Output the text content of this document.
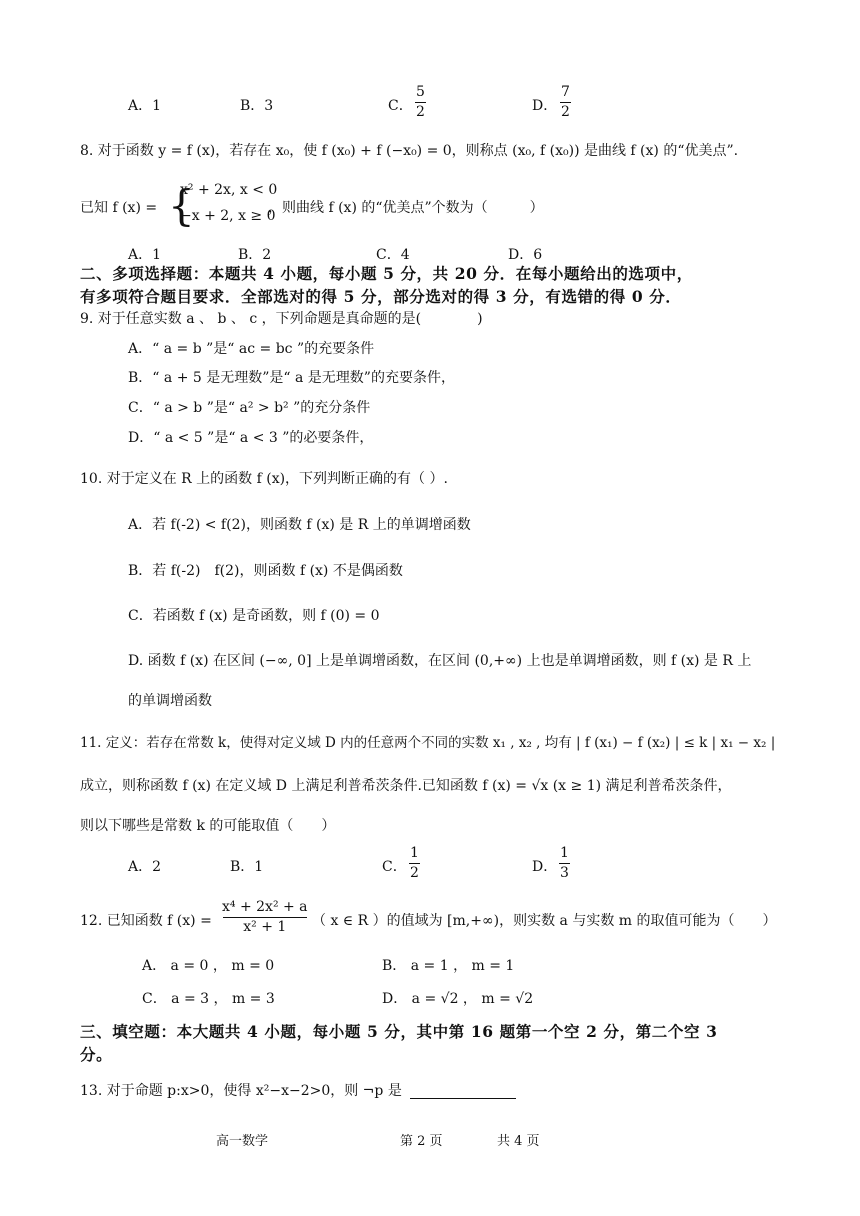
A．1	B．3	C．
5
2	D．
7
2
8. 对于函数 y = f (x)，若存在 x₀，使 f (x₀) + f (−x₀) = 0，则称点 (x₀, f (x₀)) 是曲线 f (x) 的“优美点”.
已知 f (x) = {
x² + 2x, x < 0
−x + 2, x ≥ 0
，则曲线 f (x) 的“优美点”个数为（　　　）
A．1	B．2	C．4	D．6
二、多项选择题：本题共 4 小题，每小题 5 分，共 20 分．在每小题给出的选项中，
有多项符合题目要求．全部选对的得 5 分，部分选对的得 3 分，有选错的得 0 分．
9. 对于任意实数 a 、 b 、 c ，下列命题是真命题的是(　　　　)
A．“ a = b ”是“ ac = bc ”的充要条件
B．“ a + 5 是无理数”是“ a 是无理数”的充要条件，
C．“ a > b ”是“ a² > b² ”的充分条件
D．“ a < 5 ”是“ a < 3 ”的必要条件，
10. 对于定义在 R 上的函数 f (x)，下列判断正确的有（ ）.
A．若 f(-2) < f(2)，则函数 f (x) 是 R 上的单调增函数
B．若 f(-2)　f(2)，则函数 f (x) 不是偶函数
C．若函数 f (x) 是奇函数，则 f (0) = 0
D. 函数 f (x) 在区间 (−∞, 0] 上是单调增函数，在区间 (0,+∞) 上也是单调增函数，则 f (x) 是 R 上
的单调增函数
11. 定义：若存在常数 k，使得对定义域 D 内的任意两个不同的实数 x₁ , x₂ , 均有 | f (x₁) − f (x₂) | ≤ k | x₁ − x₂ |
成立，则称函数 f (x) 在定义域 D 上满足利普希茨条件.已知函数 f (x) = √x (x ≥ 1) 满足利普希茨条件，
则以下哪些是常数 k 的可能取值（　　）
A．2	B．1	C．
1
2	D．
1
3
12. 已知函数 f (x) =
x⁴ + 2x² + a
x² + 1 （ x ∈ R ）的值域为 [m,+∞)，则实数 a 与实数 m 的取值可能为（　　）
A． a = 0 ， m = 0	B． a = 1 ， m = 1
C． a = 3 ， m = 3	D． a = √2 ， m = √2
三、填空题：本大题共 4 小题，每小题 5 分，其中第 16 题第一个空 2 分，第二个空 3
分。
13. 对于命题 p:x>0，使得 x²−x−2>0，则 ¬p 是
高一数学	第 2 页	共 4 页
